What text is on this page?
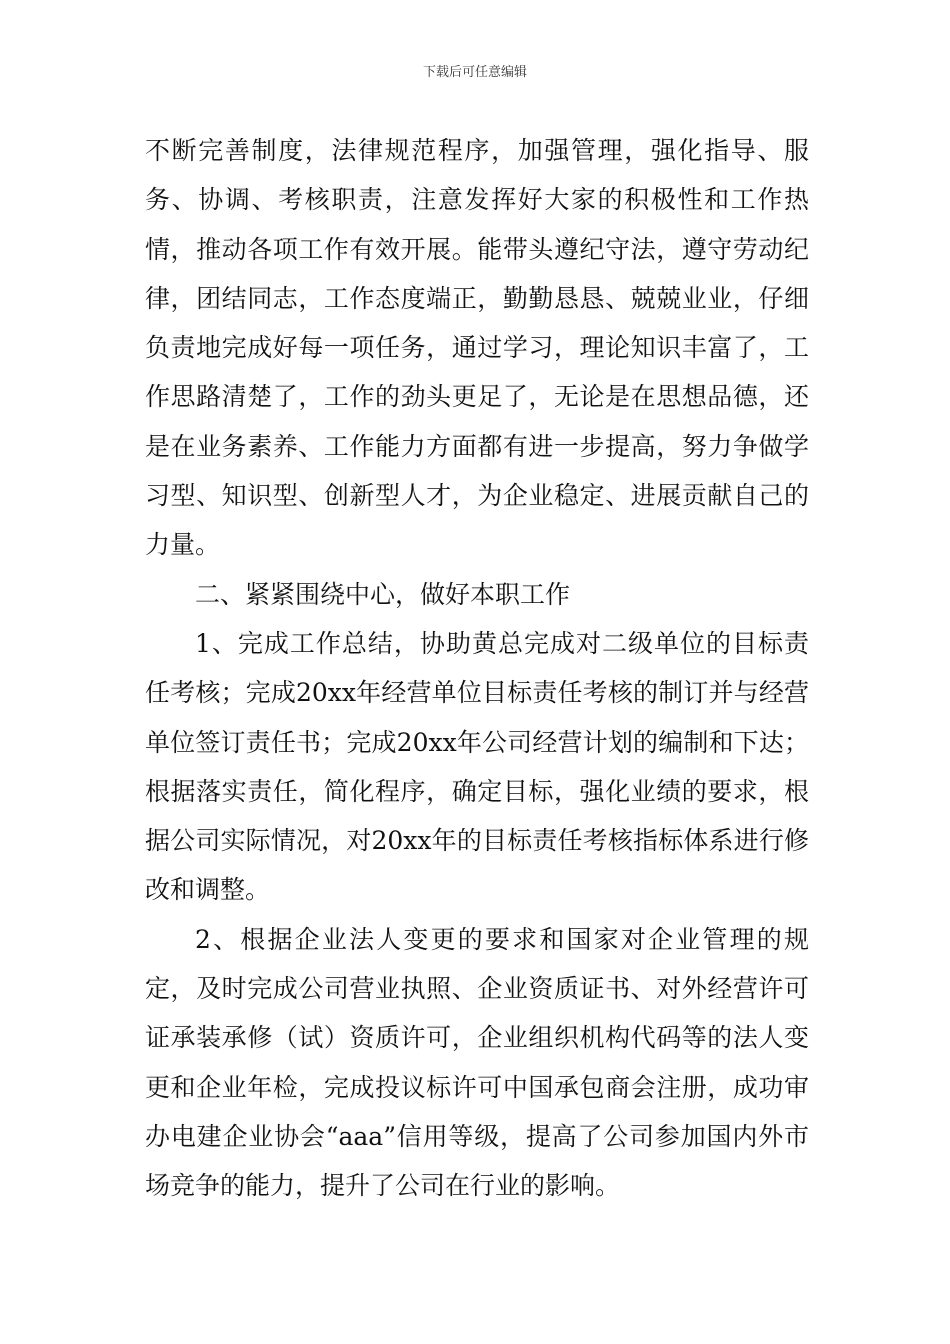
下载后可任意编辑

不断完善制度，法律规范程序，加强管理，强化指导、服务、协调、考核职责，注意发挥好大家的积极性和工作热情，推动各项工作有效开展。能带头遵纪守法，遵守劳动纪律，团结同志，工作态度端正，勤勤恳恳、兢兢业业，仔细负责地完成好每一项任务，通过学习，理论知识丰富了，工作思路清楚了，工作的劲头更足了，无论是在思想品德，还是在业务素养、工作能力方面都有进一步提高，努力争做学习型、知识型、创新型人才，为企业稳定、进展贡献自己的力量。

二、紧紧围绕中心，做好本职工作

1、完成工作总结，协助黄总完成对二级单位的目标责任考核；完成20xx年经营单位目标责任考核的制订并与经营单位签订责任书；完成20xx年公司经营计划的编制和下达；根据落实责任，简化程序，确定目标，强化业绩的要求，根据公司实际情况，对20xx年的目标责任考核指标体系进行修改和调整。

2、根据企业法人变更的要求和国家对企业管理的规定，及时完成公司营业执照、企业资质证书、对外经营许可证承装承修（试）资质许可，企业组织机构代码等的法人变更和企业年检，完成投议标许可中国承包商会注册，成功审办电建企业协会“aaa”信用等级，提高了公司参加国内外市场竞争的能力，提升了公司在行业的影响。
